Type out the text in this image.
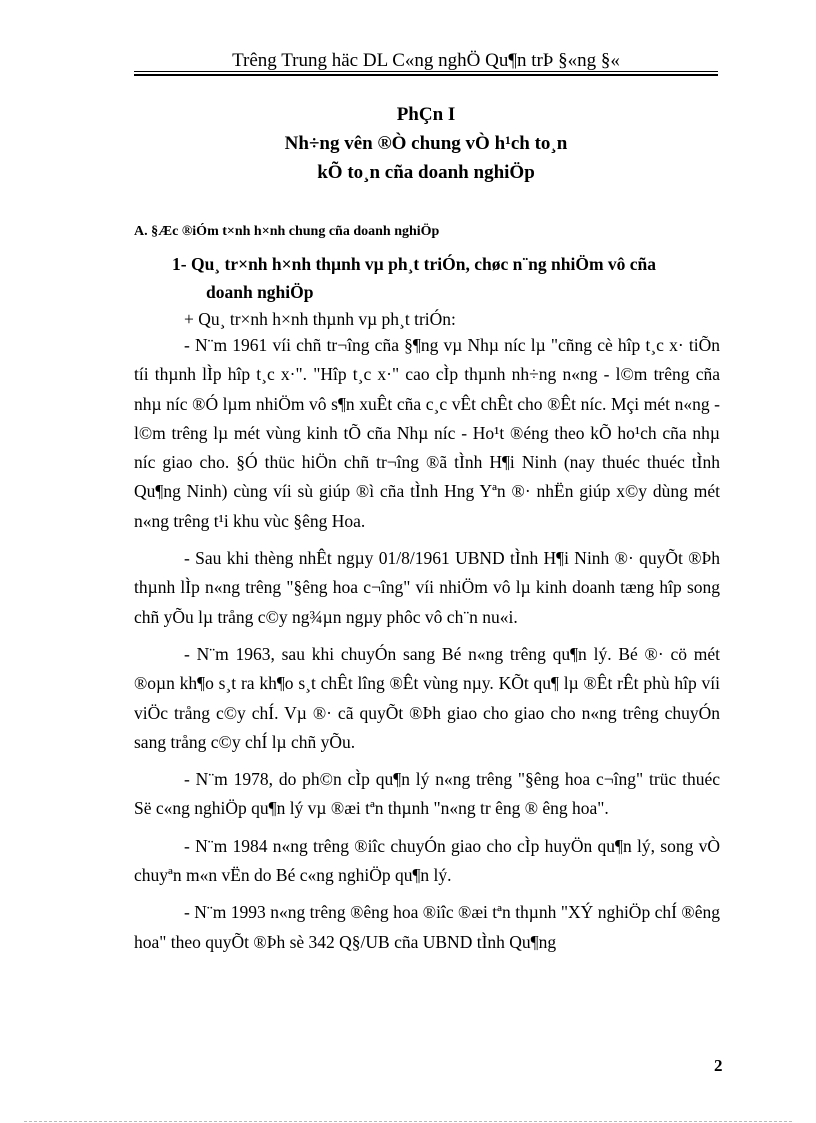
Trêng Trung häc DL C«ng nghÖ Qu¶n trÞ §«ng §«
PhÇn I
Nh÷ng vên ®Ò chung vÒ h¹ch to¸n
kÕ to¸n cña doanh nghiÖp
A. §Æc ®iÓm t×nh h×nh chung cña doanh nghiÖp
1- Qu¸ tr×nh h×nh thµnh vµ ph¸t triÓn, chøc n¨ng nhiÖm vô cña
doanh nghiÖp
+ Qu¸ tr×nh h×nh thµnh vµ ph¸t triÓn:

- N¨m 1961 víi chñ tr¬îng cña §¶ng vµ Nhµ níc lµ "cñng cè hîp t¸c x· tiÕn tíi thµnh lÌp hîp t¸c x·". "Hîp t¸c x·" cao cÌp thµnh nh÷ng n«ng - l©m trêng cña nhµ níc ®Ó lµm nhiÖm vô s¶n xuÊt cña c¸c vÊt chÊt cho ®Êt níc. Mçi mét n«ng - l©m trêng lµ mét vùng kinh tÕ cña Nhµ níc - Ho¹t ®éng theo kÕ ho¹ch cña nhµ níc giao cho. §Ó thüc hiÖn chñ tr¬îng ®ã tÌnh H¶i Ninh (nay thuéc thuéc tÌnh Qu¶ng Ninh) cùng víi sù giúp ®ì cña tÌnh Hng Yªn ®· nhËn giúp x©y dùng mét n«ng trêng t¹i khu vùc §êng Hoa.

- Sau khi thèng nhÊt ngµy 01/8/1961 UBND tÌnh H¶i Ninh ®· quyÕt ®Þh thµnh lÌp n«ng trêng "§êng hoa c¬îng" víi nhiÖm vô lµ kinh doanh tæng hîp song chñ yÕu lµ trång c©y ng¾µn ngµy phôc vô ch¨n nu«i.

- N¨m 1963, sau khi chuyÓn sang Bé n«ng trêng qu¶n lý. Bé ®· cö mét ®oµn kh¶o s¸t ra kh¶o s¸t chÊt lîng ®Êt vùng nµy. KÕt qu¶ lµ ®Êt rÊt phù hîp víi viÖc trång c©y chÍ. Vµ ®· cã quyÕt ®Þh giao cho giao cho n«ng trêng chuyÓn sang trång c©y chÍ lµ chñ yÕu.

- N¨m 1978, do ph©n cÌp qu¶n lý n«ng trêng "§êng hoa c¬îng" trüc thuéc Së c«ng nghiÖp qu¶n lý vµ ®æi tªn thµnh "n«ng tr êng ® êng hoa".

- N¨m 1984 n«ng trêng ®iîc chuyÓn giao cho cÌp huyÖn qu¶n lý, song vÒ chuyªn m«n vËn do Bé c«ng nghiÖp qu¶n lý.

- N¨m 1993 n«ng trêng ®êng hoa ®iîc ®æi tªn thµnh "XÝ nghiÖp chÍ ®êng hoa" theo quyÕt ®Þh sè 342 Q§/UB cña UBND tÌnh Qu¶ng

2
